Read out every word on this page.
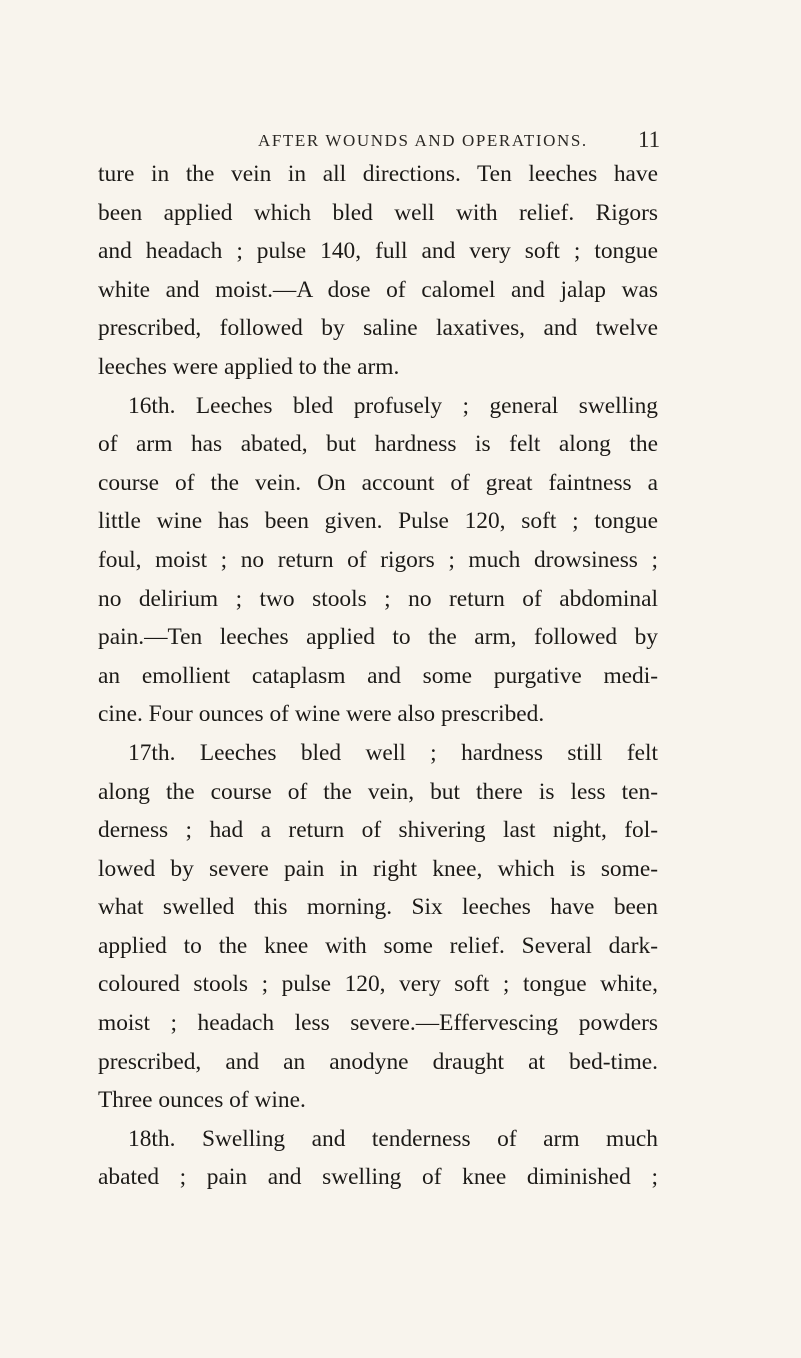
AFTER WOUNDS AND OPERATIONS. 11
ture in the vein in all directions. Ten leeches have
been applied which bled well with relief. Rigors
and headach ; pulse 140, full and very soft ; tongue
white and moist.—A dose of calomel and jalap was
prescribed, followed by saline laxatives, and twelve
leeches were applied to the arm.
16th. Leeches bled profusely ; general swelling
of arm has abated, but hardness is felt along the
course of the vein. On account of great faintness a
little wine has been given. Pulse 120, soft ; tongue
foul, moist ; no return of rigors ; much drowsiness ;
no delirium ; two stools ; no return of abdominal
pain.—Ten leeches applied to the arm, followed by
an emollient cataplasm and some purgative medi-
cine. Four ounces of wine were also prescribed.
17th. Leeches bled well ; hardness still felt
along the course of the vein, but there is less ten-
derness ; had a return of shivering last night, fol-
lowed by severe pain in right knee, which is some-
what swelled this morning. Six leeches have been
applied to the knee with some relief. Several dark-
coloured stools ; pulse 120, very soft ; tongue white,
moist ; headach less severe.—Effervescing powders
prescribed, and an anodyne draught at bed-time.
Three ounces of wine.
18th. Swelling and tenderness of arm much
abated ; pain and swelling of knee diminished ;
